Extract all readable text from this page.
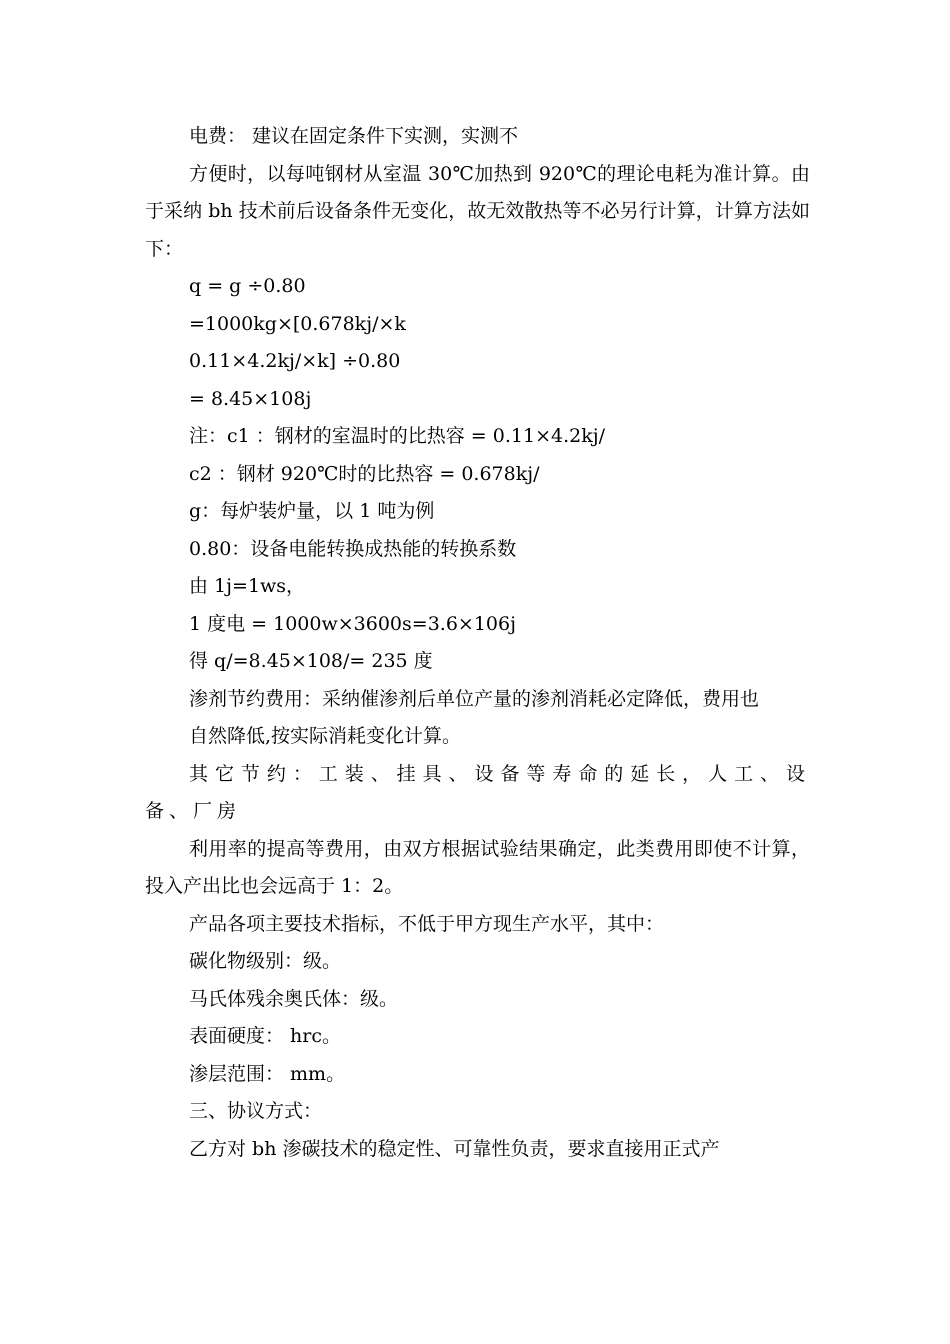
电费： 建议在固定条件下实测，实测不

方便时，以每吨钢材从室温 30℃加热到 920℃的理论电耗为准计算。由于采纳 bh 技术前后设备条件无变化，故无效散热等不必另行计算，计算方法如下：

q = g ÷0.80

=1000kg×[0.678kj/×k

0.11×4.2kj/×k] ÷0.80

= 8.45×108j

注：c1 ：钢材的室温时的比热容 = 0.11×4.2kj/

c2 ：钢材 920℃时的比热容 = 0.678kj/

g：每炉装炉量，以 1 吨为例

0.80：设备电能转换成热能的转换系数

由 1j=1ws，

1 度电 = 1000w×3600s=3.6×106j

得 q/=8.45×108/= 235 度

渗剂节约费用：采纳催渗剂后单位产量的渗剂消耗必定降低，费用也

自然降低,按实际消耗变化计算。

其它节约：工装、挂具、设备等寿命的延长，人工、设备、厂房

利用率的提高等费用，由双方根据试验结果确定，此类费用即使不计算，投入产出比也会远高于 1：2。

产品各项主要技术指标，不低于甲方现生产水平，其中：

碳化物级别：级。

马氏体残余奥氏体：级。

表面硬度： hrc。

渗层范围： mm。

三、协议方式：

乙方对 bh 渗碳技术的稳定性、可靠性负责，要求直接用正式产
